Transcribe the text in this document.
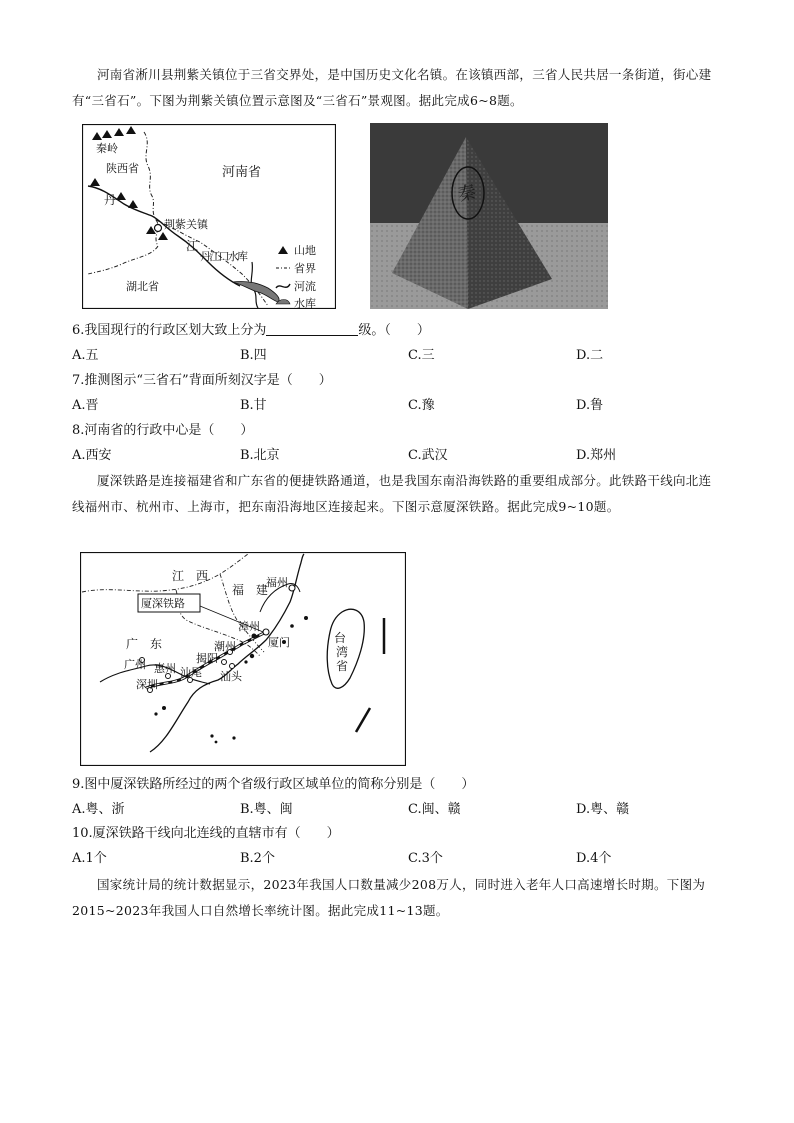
河南省淅川县荆紫关镇位于三省交界处，是中国历史文化名镇。在该镇西部，三省人民共居一条街道，街心建有“三省石”。下图为荆紫关镇位置示意图及“三省石”景观图。据此完成6~8题。
秦岭
陕西省	河南省
丹
江
荆紫关镇
丹江口水库
湖北省
山地
省界
河流
水库
秦
6.我国现行的行政区划大致上分为	级。（　　）
A.五	B.四	C.三	D.二
7.推测图示“三省石”背面所刻汉字是（　　）
A.晋	B.甘	C.豫	D.鲁
8.河南省的行政中心是（　　）
A.西安	B.北京	C.武汉	D.郑州
厦深铁路是连接福建省和广东省的便捷铁路通道，也是我国东南沿海铁路的重要组成部分。此铁路干线向北连线福州市、杭州市、上海市，把东南沿海地区连接起来。下图示意厦深铁路。据此完成9~10题。
厦深铁路
江　西
福　建
福州
广　东
漳州
厦门
潮州
揭阳
广州 惠州 汕尾 汕头
深圳
台
湾
省
9.图中厦深铁路所经过的两个省级行政区域单位的简称分别是（　　）
A.粤、浙	B.粤、闽	C.闽、赣	D.粤、赣
10.厦深铁路干线向北连线的直辖市有（　　）
A.1个	B.2个	C.3个	D.4个
国家统计局的统计数据显示，2023年我国人口数量减少208万人，同时进入老年人口高速增长时期。下图为2015~2023年我国人口自然增长率统计图。据此完成11~13题。
